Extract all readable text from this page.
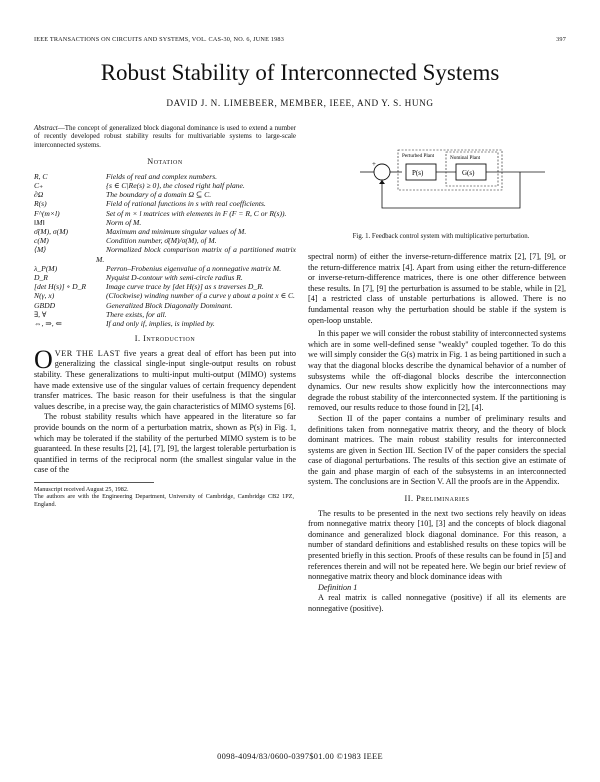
IEEE TRANSACTIONS ON CIRCUITS AND SYSTEMS, VOL. CAS-30, NO. 6, JUNE 1983	397
Robust Stability of Interconnected Systems
DAVID J. N. LIMEBEER, MEMBER, IEEE, AND Y. S. HUNG
Abstract—The concept of generalized block diagonal dominance is used to extend a number of recently developed robust stability results for multivariable systems to large-scale interconnected systems.
Notation
R, C	Fields of real and complex numbers.
C₊	{s ∈ C|Re(s) ≥ 0}, the closed right half plane.
∂Ω	The boundary of a domain Ω ⊆ C.
R(s)	Field of rational functions in s with real coefficients.
F^(m×l)	Set of m × l matrices with elements in F (F = R, C or R(s)).
‖M‖	Norm of M.
σ̄(M), σ(M)	Maximum and minimum singular values of M.
c(M)	Condition number, σ̄(M)/σ(M), of M.
⟨M⟩	Normalized block comparison matrix of a partitioned matrix M.
λ_P(M)	Perron–Frobenius eigenvalue of a nonnegative matrix M.
D_R	Nyquist D-contour with semi-circle radius R.
[det H(s)] ∘ D_R	Image curve trace by [det H(s)] as s traverses D_R.
N(γ, x)	(Clockwise) winding number of a curve γ about a point x ∈ C.
GBDD	Generalized Block Diagonally Dominant.
∃, ∀	There exists, for all.
⇔, ⇒, ⇐	If and only if, implies, is implied by.
I. Introduction

OVER THE LAST five years a great deal of effort has been put into generalizing the classical single-input single-output results on robust stability. These generalizations to multi-input multi-output (MIMO) systems have made extensive use of the singular values of certain frequency dependent transfer matrices. The basic reason for their usefulness is that the singular values describe, in a precise way, the gain characteristics of MIMO systems [6].

The robust stability results which have appeared in the literature so far provide bounds on the norm of a perturbation matrix, shown as P(s) in Fig. 1, which may be tolerated if the stability of the perturbed MIMO system is to be guaranteed. In these results [2], [4], [7], [9], the largest tolerable perturbation is quantified in terms of the reciprocal norm (the smallest singular value in the case of the

Manuscript received August 25, 1982.
The authors are with the Engineering Department, University of Cambridge, Cambridge CB2 1PZ, England.
+
Perturbed Plant	Nominal Plant
P(s)	G(s)
Fig. 1. Feedback control system with multiplicative perturbation.

spectral norm) of either the inverse-return-difference matrix [2], [7], [9], or the return-difference matrix [4]. Apart from using either the return-difference or inverse-return-difference matrices, there is one other difference between these results. In [7], [9] the perturbation is assumed to be stable, while in [2], [4] a restricted class of unstable perturbations is allowed. There is no fundamental reason why the perturbation should be stable if the system is open-loop unstable.

In this paper we will consider the robust stability of interconnected systems which are in some well-defined sense "weakly" coupled together. To do this we will simply consider the G(s) matrix in Fig. 1 as being partitioned in such a way that the diagonal blocks describe the dynamical behavior of a number of subsystems while the off-diagonal blocks describe the interconnection dynamics. Our new results show explicitly how the interconnections may degrade the robust stability of the interconnected system. If the partitioning is removed, our results reduce to those found in [2], [4].

Section II of the paper contains a number of preliminary results and definitions taken from nonnegative matrix theory, and the theory of block dominant matrices. The main robust stability results for interconnected systems are given in Section III. Section IV of the paper considers the special case of diagonal perturbations. The results of this section give an estimate of the gain and phase margin of each of the subsystems in an interconnected system. The conclusions are in Section V. All the proofs are in the Appendix.

II. Preliminaries

The results to be presented in the next two sections rely heavily on ideas from nonnegative matrix theory [10], [3] and the concepts of block diagonal dominance and generalized block diagonal dominance. For this reason, a number of standard definitions and established results on these topics will be presented briefly in this section. Proofs of these results can be found in [5] and references therein and will not be repeated here. We begin our brief review of nonnegative matrix theory and block dominance ideas with

Definition 1

A real matrix is called nonnegative (positive) if all its elements are nonnegative (positive).

0098-4094/83/0600-0397$01.00 ©1983 IEEE
